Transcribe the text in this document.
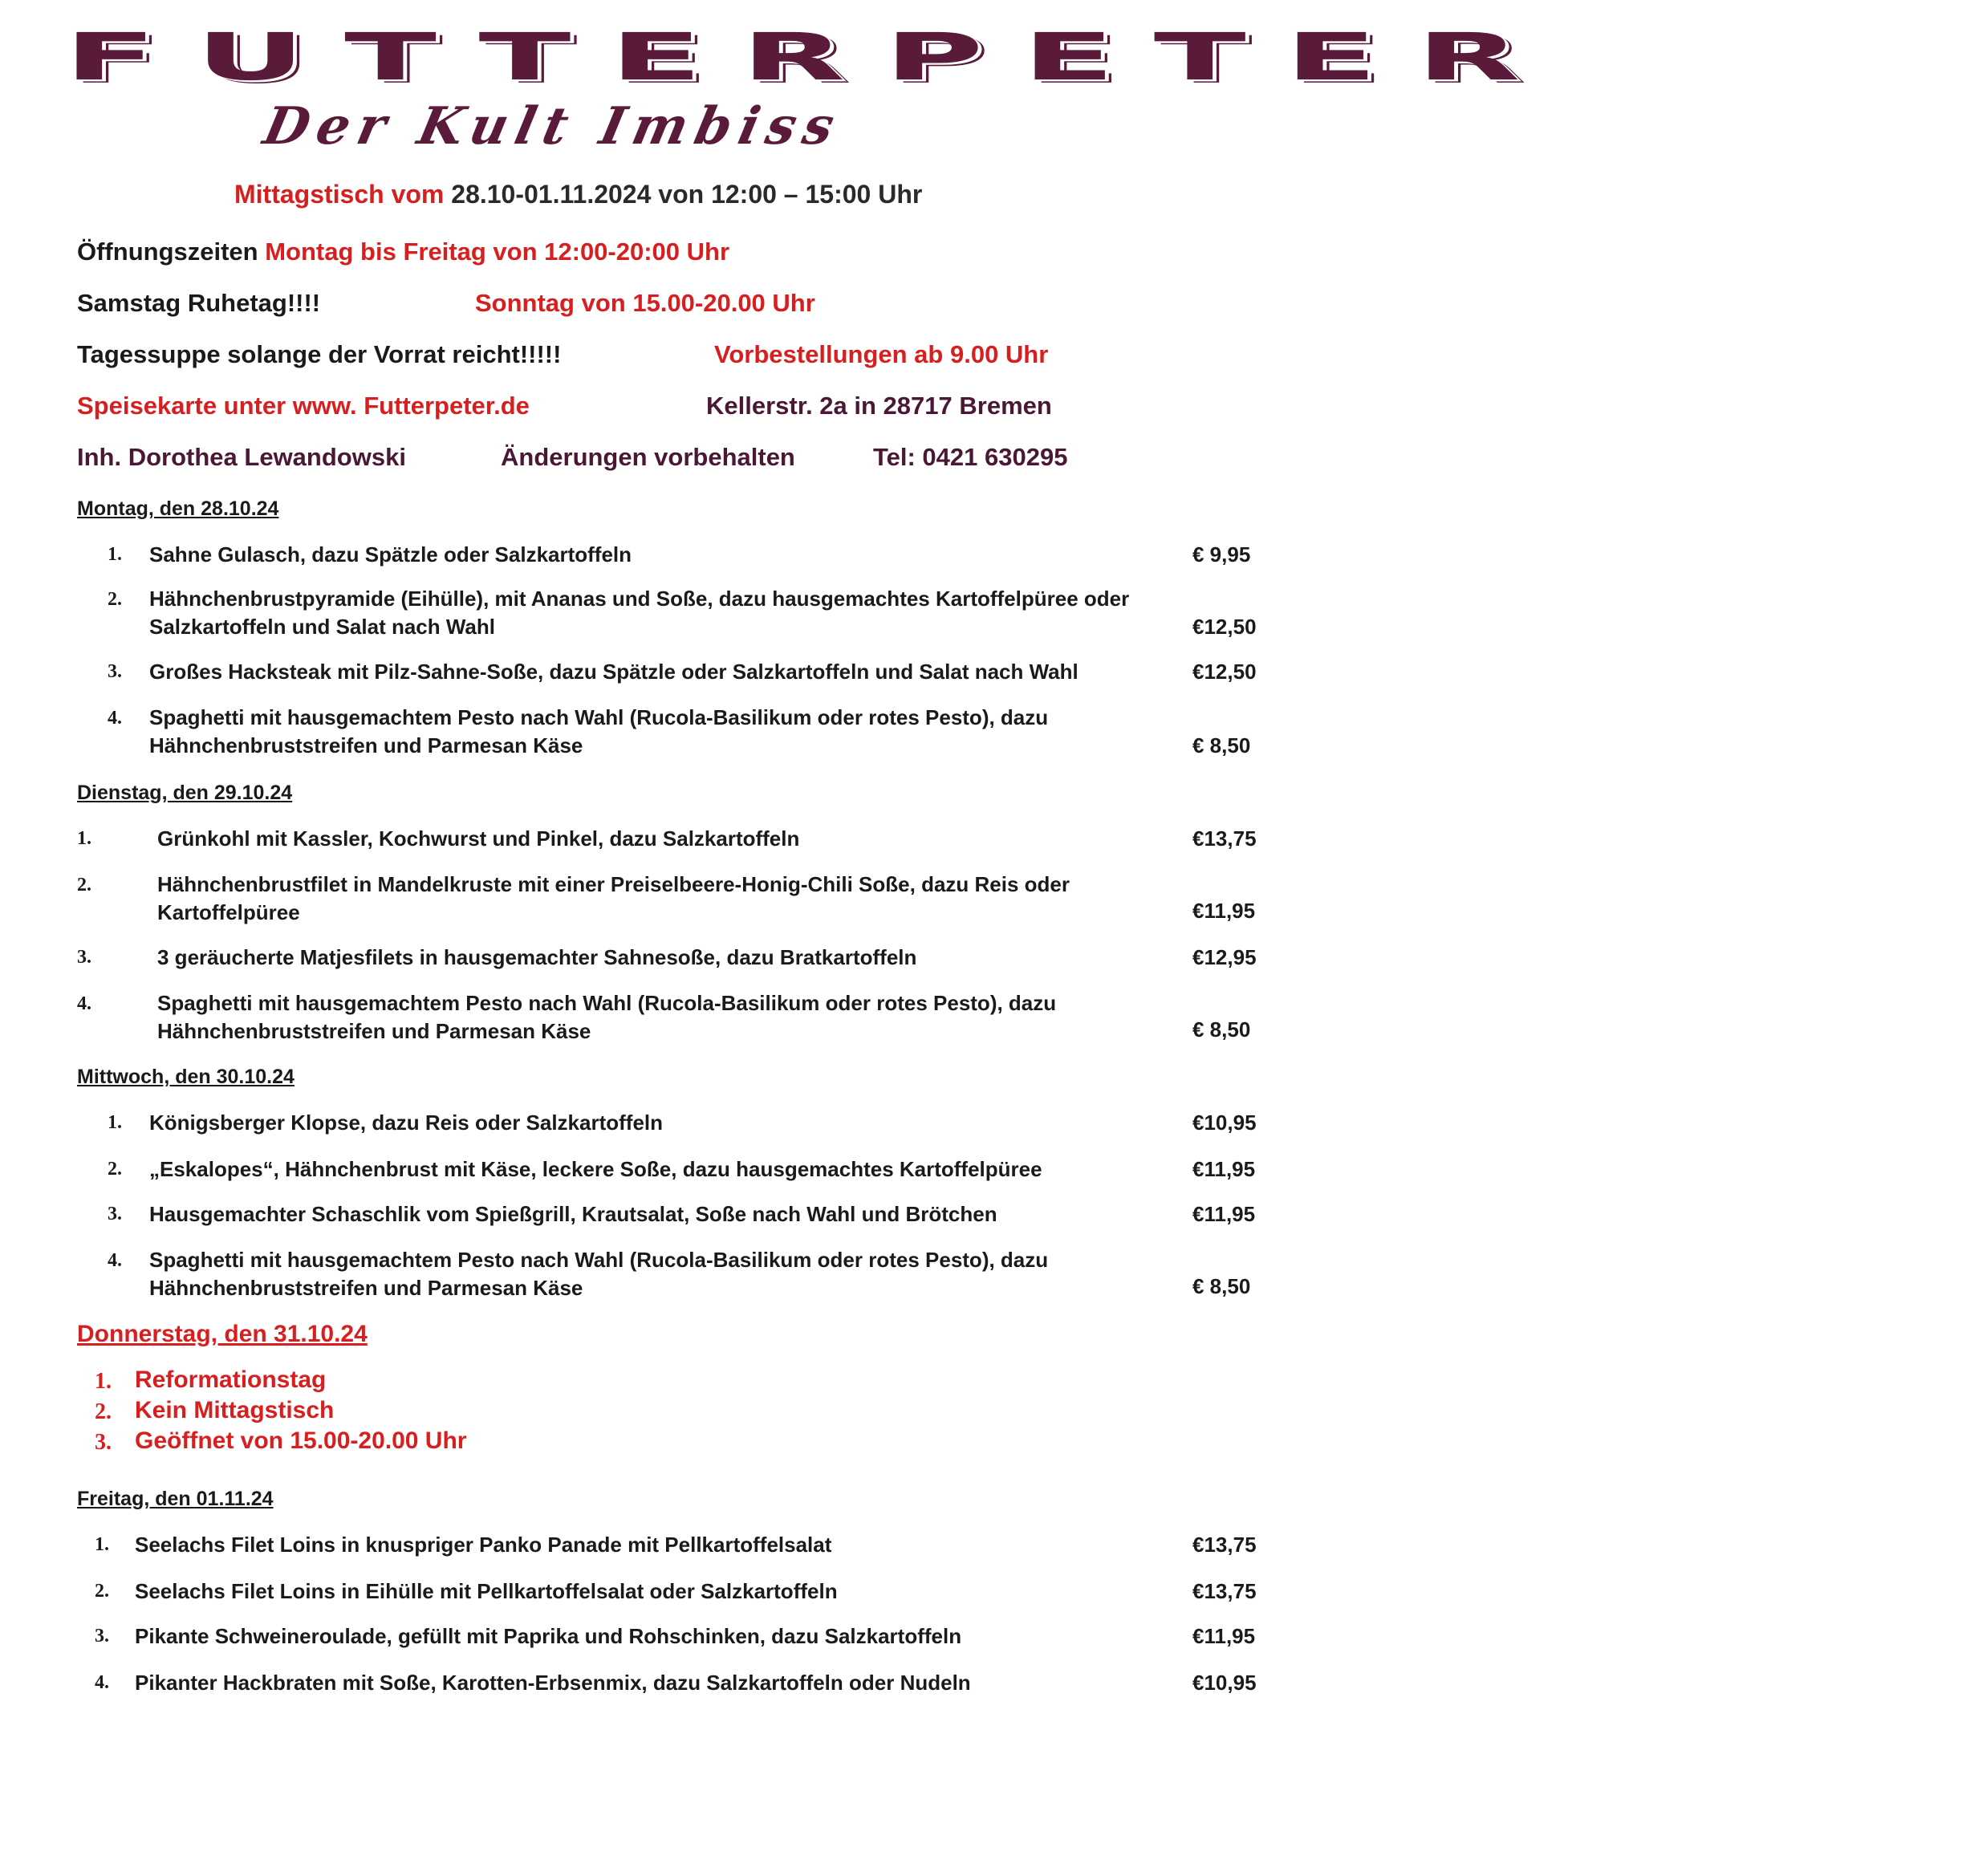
FUTTERPETER
Der Kult Imbiss
Mittagstisch vom 28.10-01.11.2024 von 12:00 – 15:00 Uhr
Öffnungszeiten Montag bis Freitag von 12:00-20:00 Uhr
Samstag Ruhetag!!!!	Sonntag von 15.00-20.00 Uhr
Tagessuppe solange der Vorrat reicht!!!!!	Vorbestellungen ab 9.00 Uhr
Speisekarte unter www. Futterpeter.de	Kellerstr. 2a in 28717 Bremen
Inh. Dorothea Lewandowski	Änderungen vorbehalten	Tel: 0421 630295
Montag, den 28.10.24
1. Sahne Gulasch, dazu Spätzle oder Salzkartoffeln	€ 9,95
2. Hähnchenbrustpyramide (Eihülle), mit Ananas und Soße, dazu hausgemachtes Kartoffelpüree oder Salzkartoffeln und Salat nach Wahl	€12,50
3. Großes Hacksteak mit Pilz-Sahne-Soße, dazu Spätzle oder Salzkartoffeln und Salat nach Wahl	€12,50
4. Spaghetti mit hausgemachtem Pesto nach Wahl (Rucola-Basilikum oder rotes Pesto), dazu Hähnchenbruststreifen und Parmesan Käse	€ 8,50
Dienstag, den 29.10.24
1.	Grünkohl mit Kassler, Kochwurst und Pinkel, dazu Salzkartoffeln	€13,75
2.	Hähnchenbrustfilet in Mandelkruste mit einer Preiselbeere-Honig-Chili Soße, dazu Reis oder Kartoffelpüree	€11,95
3.	3 geräucherte Matjesfilets in hausgemachter Sahnesoße, dazu Bratkartoffeln	€12,95
4.	Spaghetti mit hausgemachtem Pesto nach Wahl (Rucola-Basilikum oder rotes Pesto), dazu Hähnchenbruststreifen und Parmesan Käse	€ 8,50
Mittwoch, den 30.10.24
1. Königsberger Klopse, dazu Reis oder Salzkartoffeln	€10,95
2. „Eskalopes“, Hähnchenbrust mit Käse, leckere Soße, dazu hausgemachtes Kartoffelpüree	€11,95
3. Hausgemachter Schaschlik vom Spießgrill, Krautsalat, Soße nach Wahl und Brötchen	€11,95
4. Spaghetti mit hausgemachtem Pesto nach Wahl (Rucola-Basilikum oder rotes Pesto), dazu Hähnchenbruststreifen und Parmesan Käse	€ 8,50
Donnerstag, den 31.10.24
1. Reformationstag
2. Kein Mittagstisch
3. Geöffnet von 15.00-20.00 Uhr
Freitag, den 01.11.24
1. Seelachs Filet Loins in knuspriger Panko Panade mit Pellkartoffelsalat	€13,75
2. Seelachs Filet Loins in Eihülle mit Pellkartoffelsalat oder Salzkartoffeln	€13,75
3. Pikante Schweineroulade, gefüllt mit Paprika und Rohschinken, dazu Salzkartoffeln	€11,95
4. Pikanter Hackbraten mit Soße, Karotten-Erbsenmix, dazu Salzkartoffeln oder Nudeln	€10,95
